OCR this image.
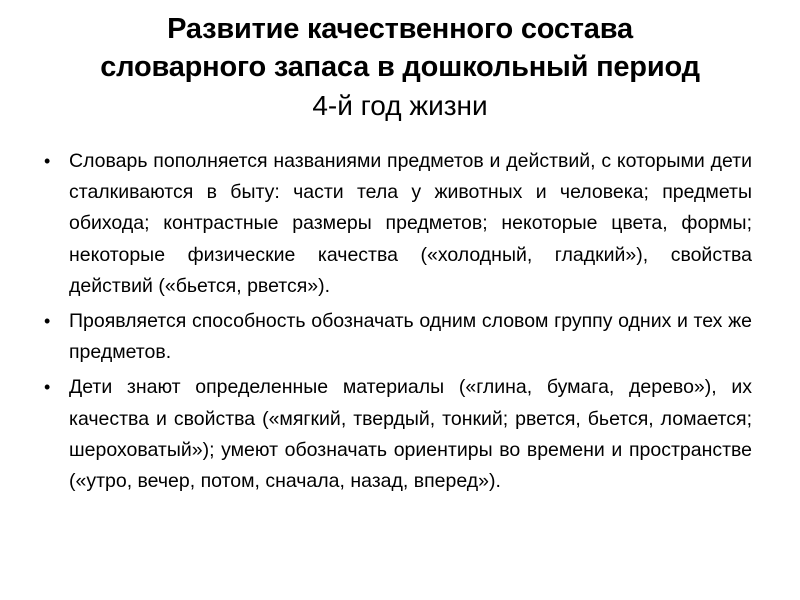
Развитие качественного состава
словарного запаса в дошкольный период
4-й год жизни
• Словарь пополняется названиями предметов и действий, с которыми дети сталкиваются в быту: части тела у животных и человека; предметы обихода; контрастные размеры предметов; некоторые цвета, формы; некоторые физические качества («холодный, гладкий»), свойства действий («бьется, рвется»).
• Проявляется способность обозначать одним словом группу одних и тех же предметов.
• Дети знают определенные материалы («глина, бумага, дерево»), их качества и свойства («мягкий, твердый, тонкий; рвется, бьется, ломается; шероховатый»); умеют обозначать ориентиры во времени и пространстве («утро, вечер, потом, сначала, назад, вперед»).
